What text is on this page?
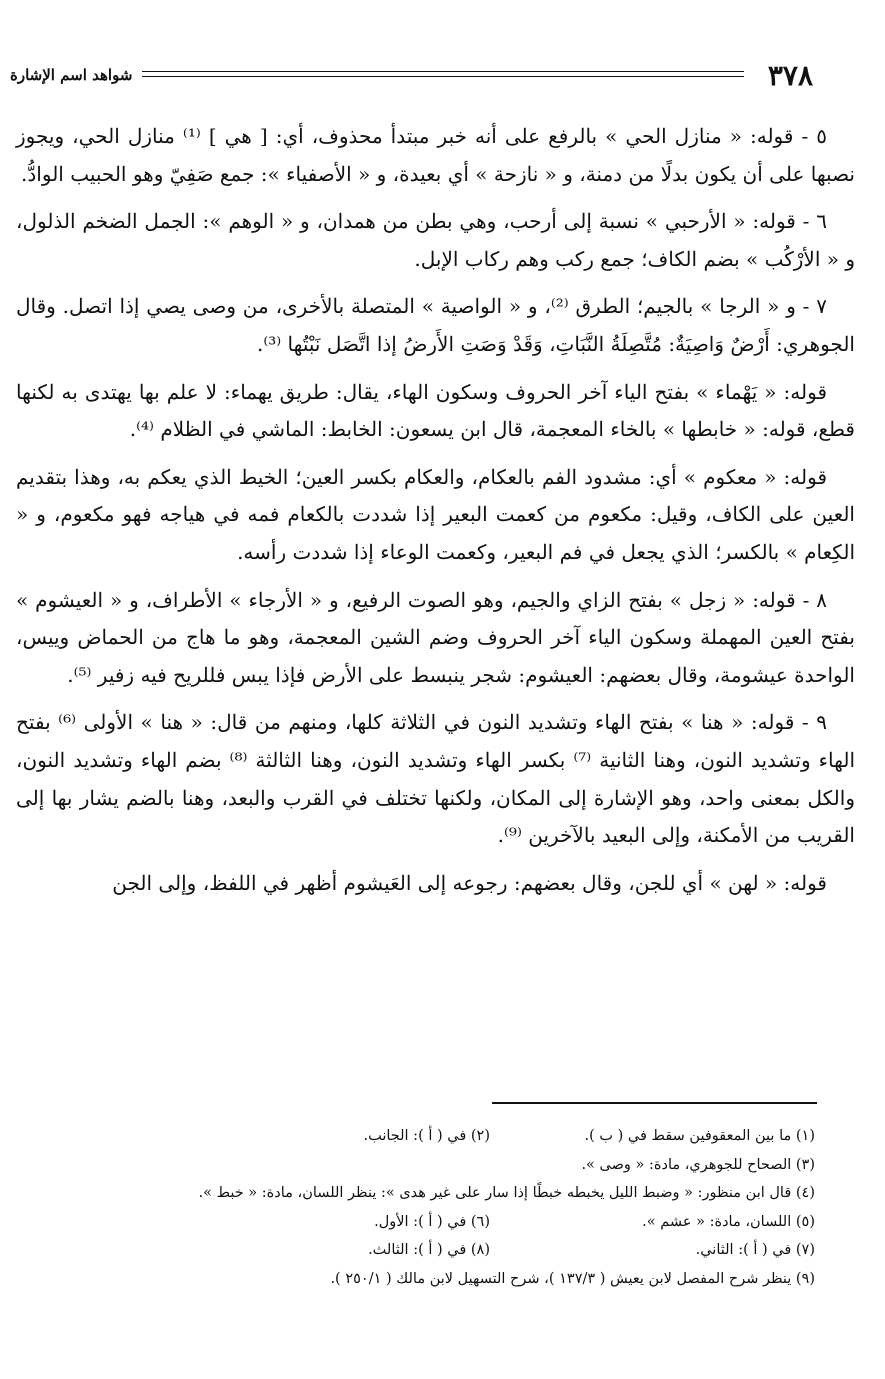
٣٧٨
شواهد اسم الإشارة

٥ - قوله: « منازل الحي » بالرفع على أنه خبر مبتدأ محذوف، أي: [ هي ] ⁽¹⁾ منازل الحي، ويجوز نصبها على أن يكون بدلًا من دمنة، و « نازحة » أي بعيدة، و « الأصفياء »: جمع صَفِيّ وهو الحبيب الوادُّ.

٦ - قوله: « الأرحبي » نسبة إلى أرحب، وهي بطن من همدان، و « الوهم »: الجمل الضخم الذلول، و « الأرْكُب » بضم الكاف؛ جمع ركب وهم ركاب الإبل.

٧ - و « الرجا » بالجيم؛ الطرق ⁽²⁾، و « الواصية » المتصلة بالأخرى، من وصى يصي إذا اتصل. وقال الجوهري: أَرْضٌ وَاصِيَةٌ: مُتَّصِلَةُ النَّبَاتِ، وَقَدْ وَصَتِ الأَرضُ إذا اتَّصَل نَبْتُها ⁽³⁾.

قوله: « يَهْماء » بفتح الياء آخر الحروف وسكون الهاء، يقال: طريق يهماء: لا علم بها يهتدى به لكنها قطع، قوله: « خابطها » بالخاء المعجمة، قال ابن يسعون: الخابط: الماشي في الظلام ⁽⁴⁾.

قوله: « معكوم » أي: مشدود الفم بالعكام، والعكام بكسر العين؛ الخيط الذي يعكم به، وهذا بتقديم العين على الكاف، وقيل: مكعوم من كعمت البعير إذا شددت بالكعام فمه في هياجه فهو مكعوم، و « الكِعام » بالكسر؛ الذي يجعل في فم البعير، وكعمت الوعاء إذا شددت رأسه.

٨ - قوله: « زجل » بفتح الزاي والجيم، وهو الصوت الرفيع، و « الأرجاء » الأطراف، و « العيشوم » بفتح العين المهملة وسكون الياء آخر الحروف وضم الشين المعجمة، وهو ما هاج من الحماض وييس، الواحدة عيشومة، وقال بعضهم: العيشوم: شجر ينبسط على الأرض فإذا يبس فللريح فيه زفير ⁽⁵⁾.

٩ - قوله: « هنا » بفتح الهاء وتشديد النون في الثلاثة كلها، ومنهم من قال: « هنا » الأولى ⁽⁶⁾ بفتح الهاء وتشديد النون، وهنا الثانية ⁽⁷⁾ بكسر الهاء وتشديد النون، وهنا الثالثة ⁽⁸⁾ بضم الهاء وتشديد النون، والكل بمعنى واحد، وهو الإشارة إلى المكان، ولكنها تختلف في القرب والبعد، وهنا بالضم يشار بها إلى القريب من الأمكنة، وإلى البعيد بالآخرين ⁽⁹⁾.

قوله: « لهن » أي للجن، وقال بعضهم: رجوعه إلى العَيشوم أظهر في اللفظ، وإلى الجن

(١) ما بين المعقوفين سقط في ( ب ).
(٢) في ( أ ): الجانب.
(٣) الصحاح للجوهري، مادة: « وصى ».
(٤) قال ابن منظور: « وضبط الليل يخبطه خبطًا إذا سار على غير هدى »: ينظر اللسان، مادة: « خبط ».
(٥) اللسان، مادة: « عشم ».
(٦) في ( أ ): الأول.
(٧) في ( أ ): الثاني.
(٨) في ( أ ): الثالث.
(٩) ينظر شرح المفصل لابن يعيش ( ١٣٧/٣ )، شرح التسهيل لابن مالك ( ٢٥٠/١ ).
